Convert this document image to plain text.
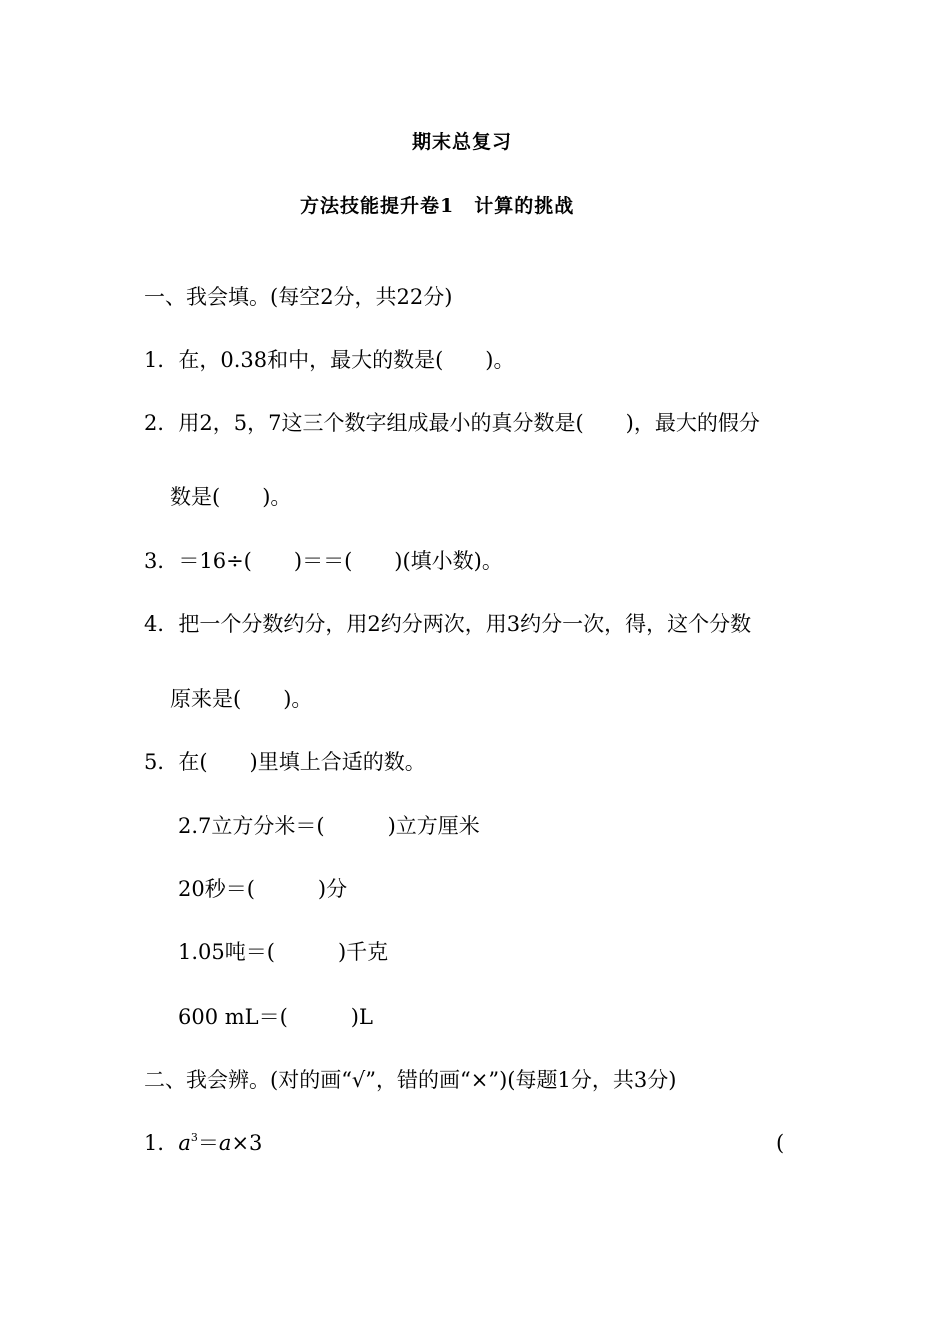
期末总复习
方法技能提升卷1　计算的挑战
一、我会填。(每空2分，共22分)
1．在，0.38和中，最大的数是(　　)。
2．用2，5，7这三个数字组成最小的真分数是(　　)，最大的假分
数是(　　)。
3．＝16÷(　　)＝＝(　　)(填小数)。
4．把一个分数约分，用2约分两次，用3约分一次，得，这个分数
原来是(　　)。
5．在(　　)里填上合适的数。
2.7立方分米＝(　　　)立方厘米
20秒＝(　　　)分
1.05吨＝(　　　)千克
600 mL＝(　　　)L
二、我会辨。(对的画“√”，错的画“×”)(每题1分，共3分)
1．$a^3=a\times 3$	(
